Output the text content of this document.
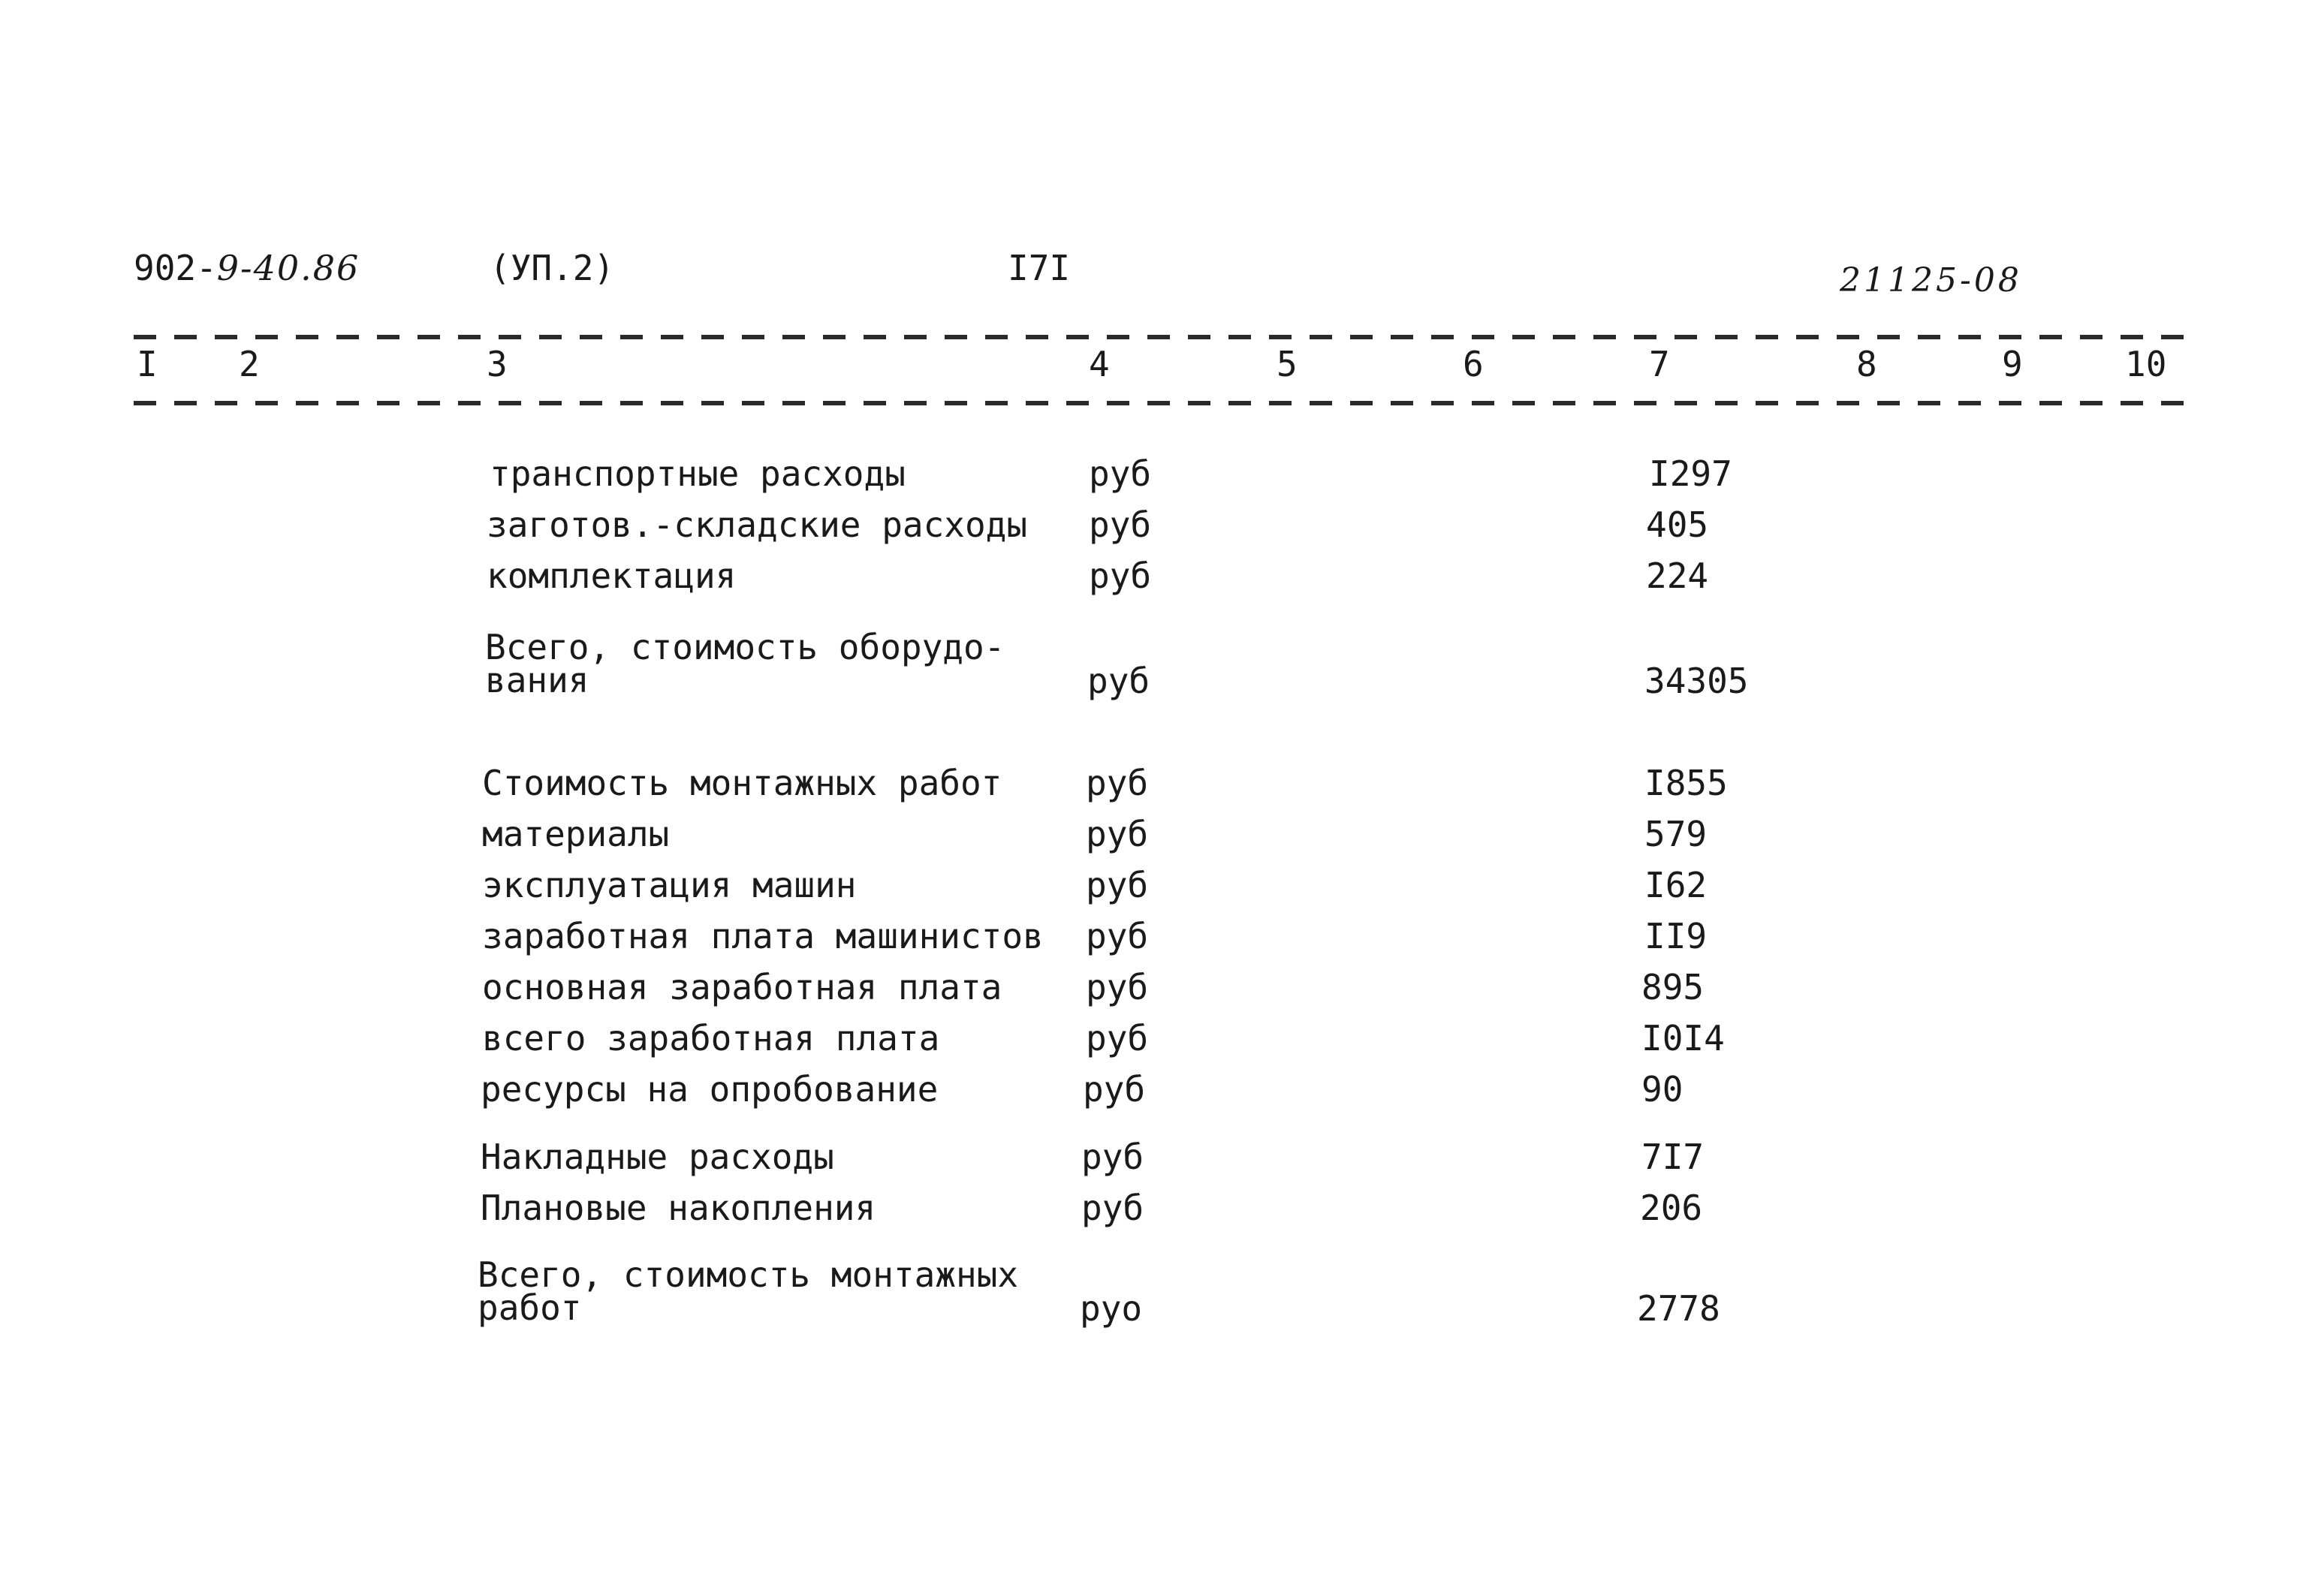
902-9-40.86	(УП.2)	I7I	21125-08
I 2	3	4	5	6	7	8	9	10
транспортные расходы	руб	I297
заготов.-складские расходы руб	405
комплектация	руб	224
Всего, стоимость оборудо-
вания	руб	34305
Стоимость монтажных работ руб	I855
материалы	руб	579
эксплуатация машин	руб	I62
заработная плата машинистов руб	II9
основная заработная плата руб	895
всего заработная плата	руб	I0I4
ресурсы на опробование	руб	90
Накладные расходы	руб	7I7
Плановые накопления	руб	206
Всего, стоимость монтажных
работ	руо	2778
